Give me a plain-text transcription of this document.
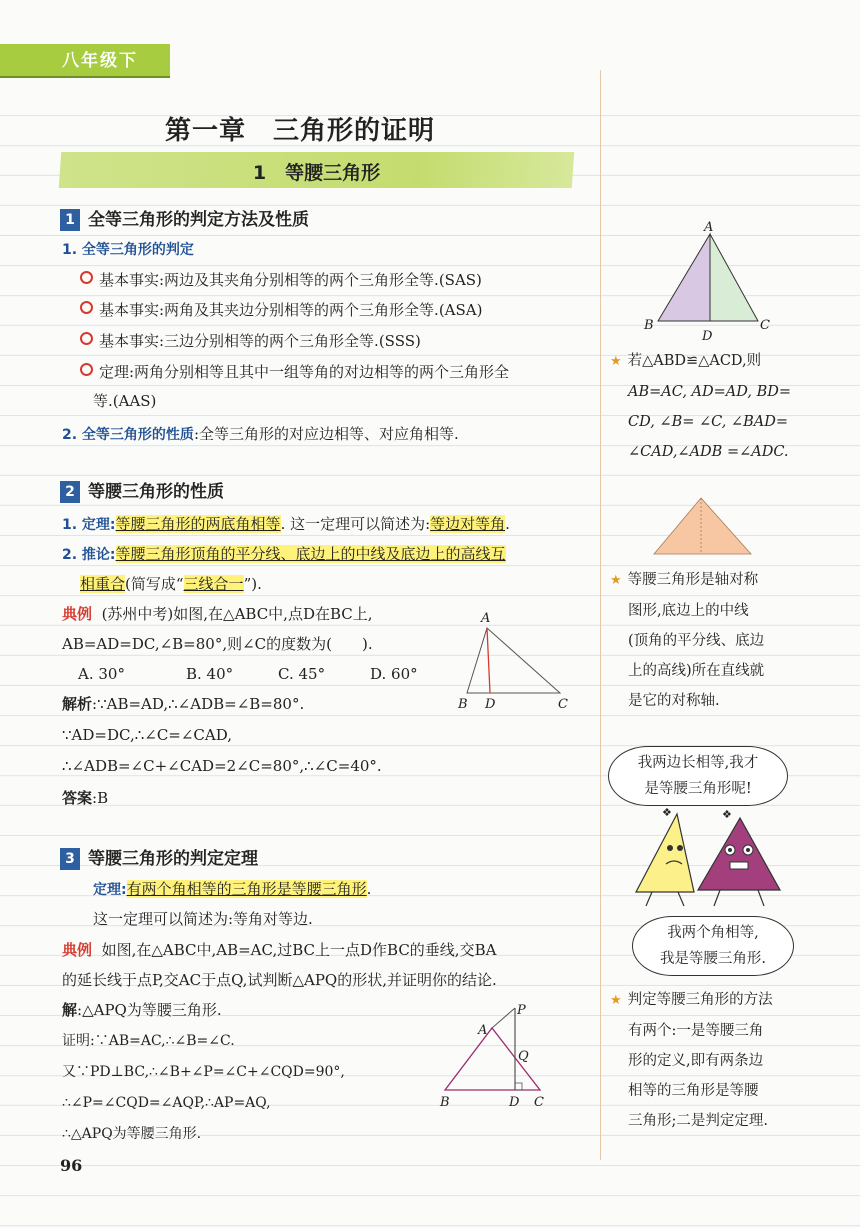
八年级下
第一章　三角形的证明
1　等腰三角形
1 全等三角形的判定方法及性质
1. 全等三角形的判定
基本事实:两边及其夹角分别相等的两个三角形全等.(SAS)
基本事实:两角及其夹边分别相等的两个三角形全等.(ASA)
基本事实:三边分别相等的两个三角形全等.(SSS)
定理:两角分别相等且其中一组等角的对边相等的两个三角形全
等.(AAS)
2. 全等三角形的性质:全等三角形的对应边相等、对应角相等.
2 等腰三角形的性质
1. 定理:等腰三角形的两底角相等. 这一定理可以简述为:等边对等角.
2. 推论:等腰三角形顶角的平分线、底边上的中线及底边上的高线互
相重合(简写成“三线合一”).
典例 (苏州中考)如图,在△ABC中,点D在BC上,
AB=AD=DC,∠B=80°,则∠C的度数为(　　).
A. 30°	B. 40°	C. 45°	D. 60°
解析:∵AB=AD,∴∠ADB=∠B=80°.
∵AD=DC,∴∠C=∠CAD,
∴∠ADB=∠C+∠CAD=2∠C=80°,∴∠C=40°.
答案:B
3 等腰三角形的判定定理
定理:有两个角相等的三角形是等腰三角形.
这一定理可以简述为:等角对等边.
典例 如图,在△ABC中,AB=AC,过BC上一点D作BC的垂线,交BA
的延长线于点P,交AC于点Q,试判断△APQ的形状,并证明你的结论.
解:△APQ为等腰三角形.
证明:∵AB=AC,∴∠B=∠C.
又∵PD⊥BC,∴∠B+∠P=∠C+∠CQD=90°,
∴∠P=∠CQD=∠AQP,∴AP=AQ,
∴△APQ为等腰三角形.
A
B D	C
P
A
Q
B	D C
A
B
D
C
★ 若△ABD≌△ACD,则
AB=AC, AD=AD, BD=
CD, ∠B= ∠C, ∠BAD=
∠CAD,∠ADB =∠ADC.
★ 等腰三角形是轴对称
图形,底边上的中线
(顶角的平分线、底边
上的高线)所在直线就
是它的对称轴.
我两边长相等,我才
是等腰三角形呢!
❖	❖
我两个角相等,
我是等腰三角形.
★ 判定等腰三角形的方法
有两个:一是等腰三角
形的定义,即有两条边
相等的三角形是等腰
三角形;二是判定定理.
96
